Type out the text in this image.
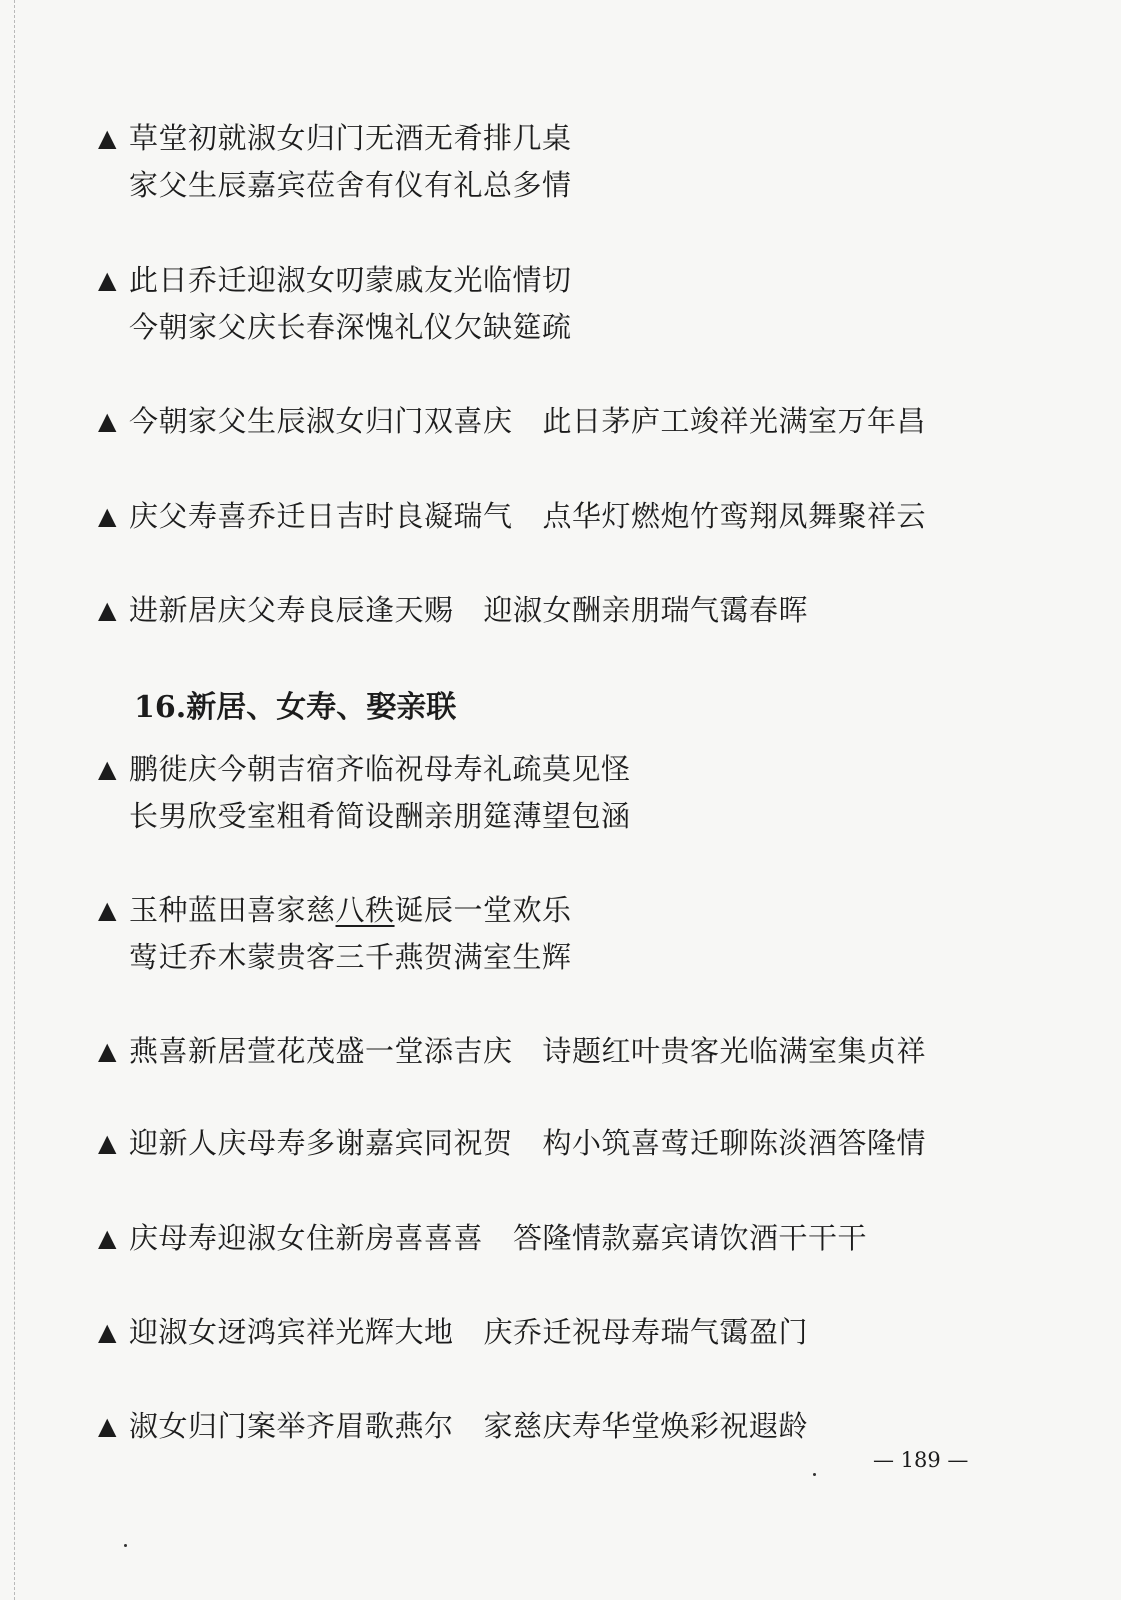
▲ 草堂初就淑女归门无酒无肴排几桌
家父生辰嘉宾莅舍有仪有礼总多情
▲ 此日乔迁迎淑女叨蒙戚友光临情切
今朝家父庆长春深愧礼仪欠缺筵疏
▲ 今朝家父生辰淑女归门双喜庆 此日茅庐工竣祥光满室万年昌
▲ 庆父寿喜乔迁日吉时良凝瑞气 点华灯燃炮竹鸾翔凤舞聚祥云
▲ 进新居庆父寿良辰逢天赐 迎淑女酬亲朋瑞气霭春晖
16.新居、女寿、娶亲联
▲ 鹏徙庆今朝吉宿齐临祝母寿礼疏莫见怪
长男欣受室粗肴简设酬亲朋筵薄望包涵
▲ 玉种蓝田喜家慈八秩诞辰一堂欢乐
莺迁乔木蒙贵客三千燕贺满室生辉
▲ 燕喜新居萱花茂盛一堂添吉庆 诗题红叶贵客光临满室集贞祥
▲ 迎新人庆母寿多谢嘉宾同祝贺 构小筑喜莺迁聊陈淡酒答隆情
▲ 庆母寿迎淑女住新房喜喜喜 答隆情款嘉宾请饮酒干干干
▲ 迎淑女迓鸿宾祥光辉大地 庆乔迁祝母寿瑞气霭盈门
▲ 淑女归门案举齐眉歌燕尔 家慈庆寿华堂焕彩祝遐龄
— 189 —
